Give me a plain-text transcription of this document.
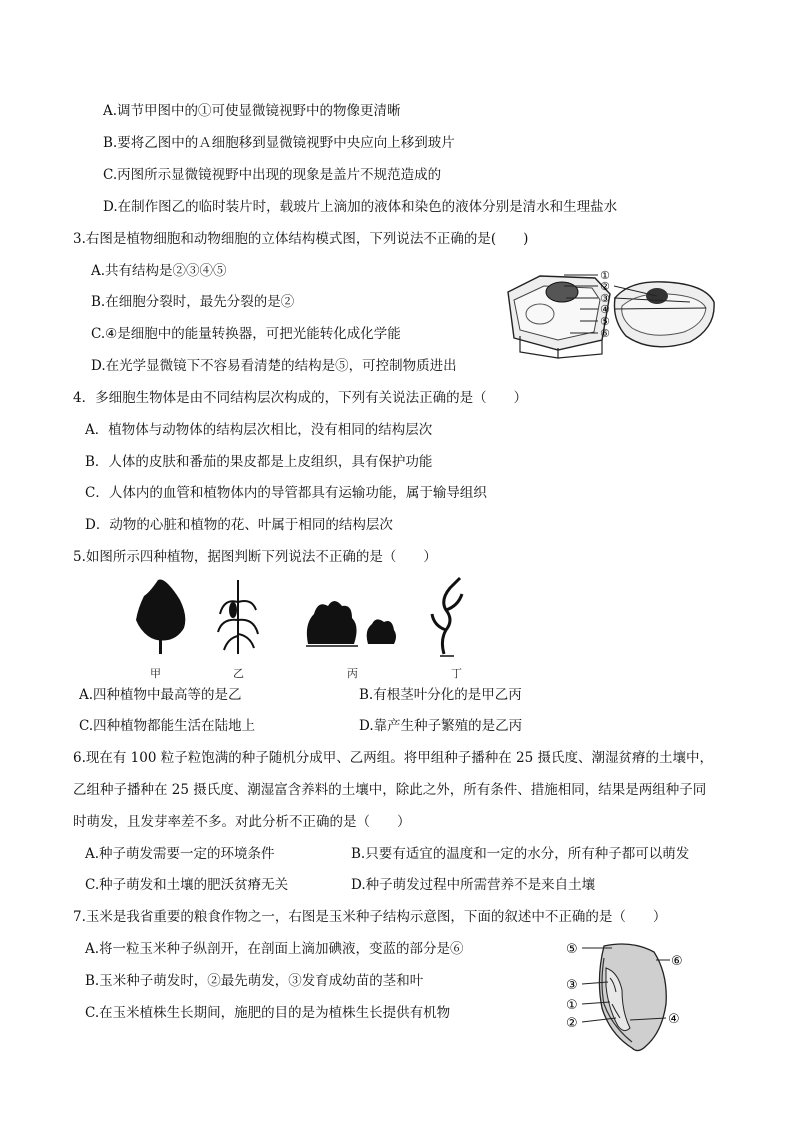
A.调节甲图中的①可使显微镜视野中的物像更清晰
B.要将乙图中的Ａ细胞移到显微镜视野中央应向上移到玻片
C.丙图所示显微镜视野中出现的现象是盖片不规范造成的
D.在制作图乙的临时装片时，载玻片上滴加的液体和染色的液体分别是清水和生理盐水
3.右图是植物细胞和动物细胞的立体结构模式图，下列说法不正确的是(　　)
A.共有结构是②③④⑤
B.在细胞分裂时，最先分裂的是②
C.④是细胞中的能量转换器，可把光能转化成化学能
D.在光学显微镜下不容易看清楚的结构是⑤，可控制物质进出
①
②
③
④
⑤
⑥
4．多细胞生物体是由不同结构层次构成的，下列有关说法正确的是（　　）
A．植物体与动物体的结构层次相比，没有相同的结构层次
B．人体的皮肤和番茄的果皮都是上皮组织，具有保护功能
C．人体内的血管和植物体内的导管都具有运输功能，属于输导组织
D．动物的心脏和植物的花、叶属于相同的结构层次
5.如图所示四种植物，据图判断下列说法不正确的是（　　）
甲	乙	丙	丁
A.四种植物中最高等的是乙	B.有根茎叶分化的是甲乙丙
C.四种植物都能生活在陆地上	D.靠产生种子繁殖的是乙丙
6.现在有 100 粒子粒饱满的种子随机分成甲、乙两组。将甲组种子播种在 25 摄氏度、潮湿贫瘠的土壤中，
乙组种子播种在 25 摄氏度、潮湿富含养料的土壤中，除此之外，所有条件、措施相同，结果是两组种子同
时萌发，且发芽率差不多。对此分析不正确的是（　　）
A.种子萌发需要一定的环境条件	B.只要有适宜的温度和一定的水分，所有种子都可以萌发
C.种子萌发和土壤的肥沃贫瘠无关	D.种子萌发过程中所需营养不是来自土壤
7.玉米是我省重要的粮食作物之一，右图是玉米种子结构示意图，下面的叙述中不正确的是（　　）
A.将一粒玉米种子纵剖开，在剖面上滴加碘液，变蓝的部分是⑥
B.玉米种子萌发时，②最先萌发，③发育成幼苗的茎和叶
C.在玉米植株生长期间，施肥的目的是为植株生长提供有机物
⑤
⑥
③
①
②	④
